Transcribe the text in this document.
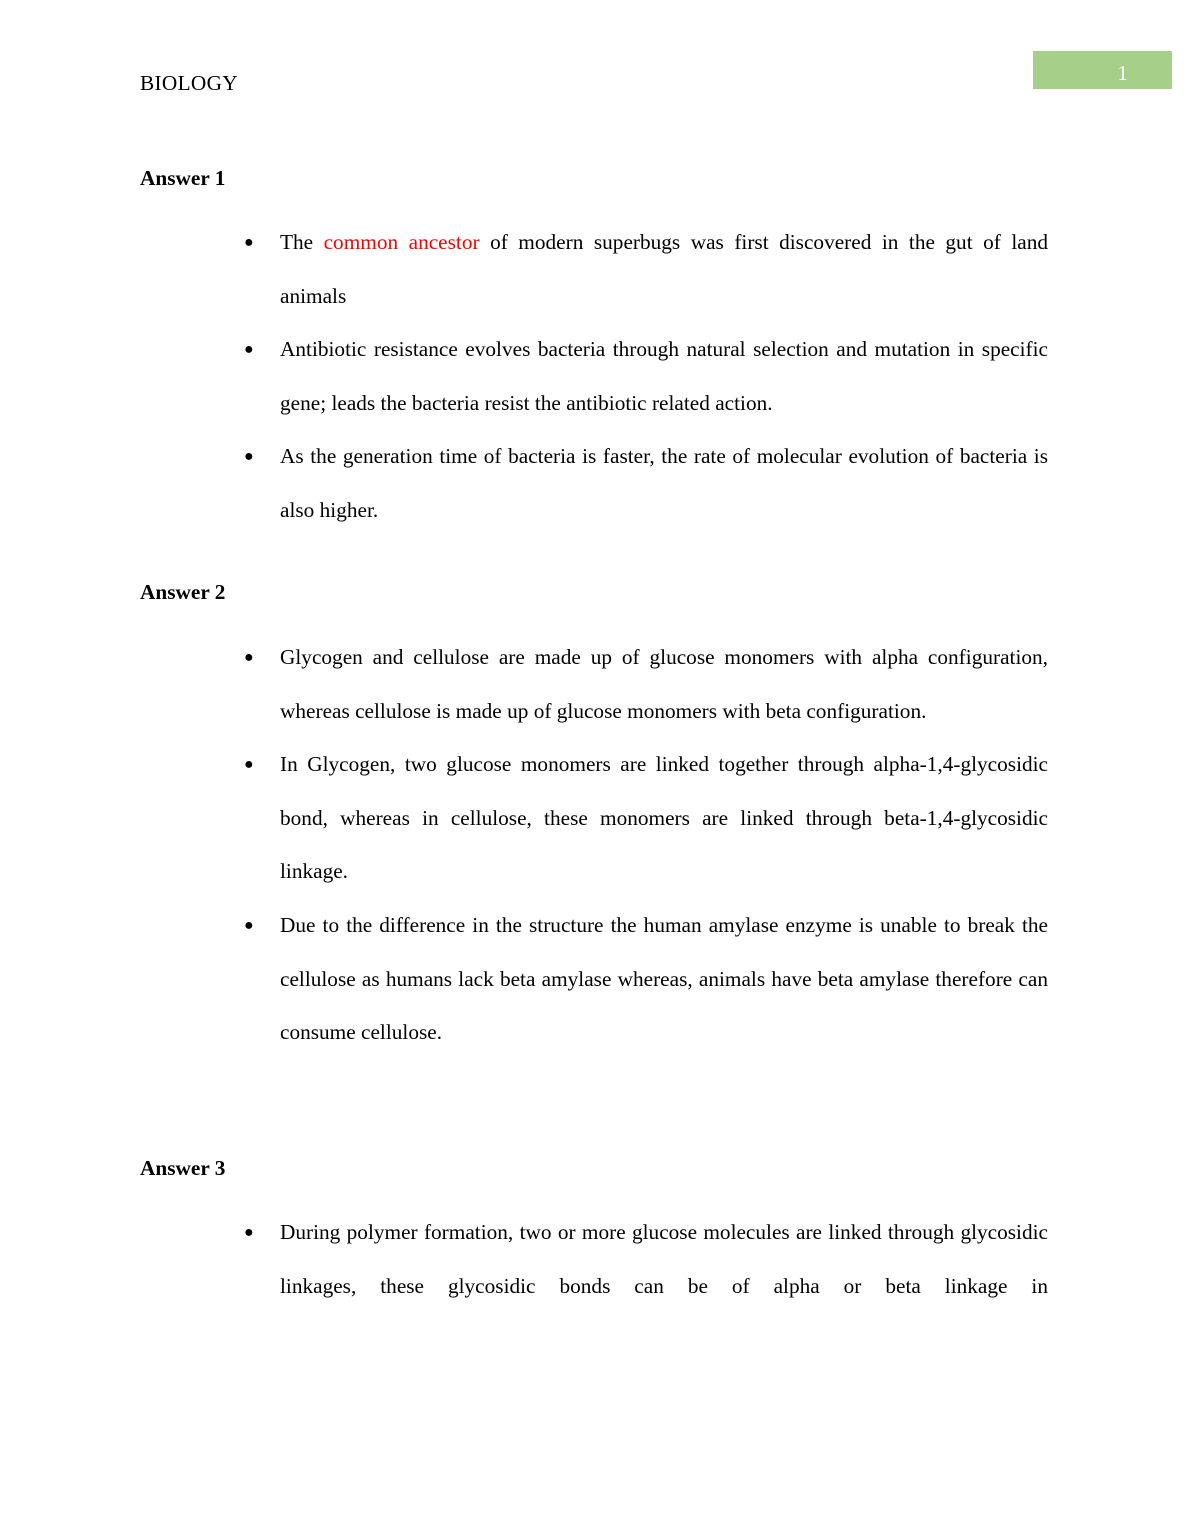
BIOLOGY	1
Answer 1
● The common ancestor of modern superbugs was first discovered in the gut of land animals
● Antibiotic resistance evolves bacteria through natural selection and mutation in specific gene; leads the bacteria resist the antibiotic related action.
● As the generation time of bacteria is faster, the rate of molecular evolution of bacteria is also higher.
Answer 2
● Glycogen and cellulose are made up of glucose monomers with alpha configuration, whereas cellulose is made up of glucose monomers with beta configuration.
● In Glycogen, two glucose monomers are linked together through alpha-1,4-glycosidic bond, whereas in cellulose, these monomers are linked through beta-1,4-glycosidic linkage.
● Due to the difference in the structure the human amylase enzyme is unable to break the cellulose as humans lack beta amylase whereas, animals have beta amylase therefore can consume cellulose.
Answer 3
● During polymer formation, two or more glucose molecules are linked through glycosidic linkages, these glycosidic bonds can be of alpha or beta linkage in
